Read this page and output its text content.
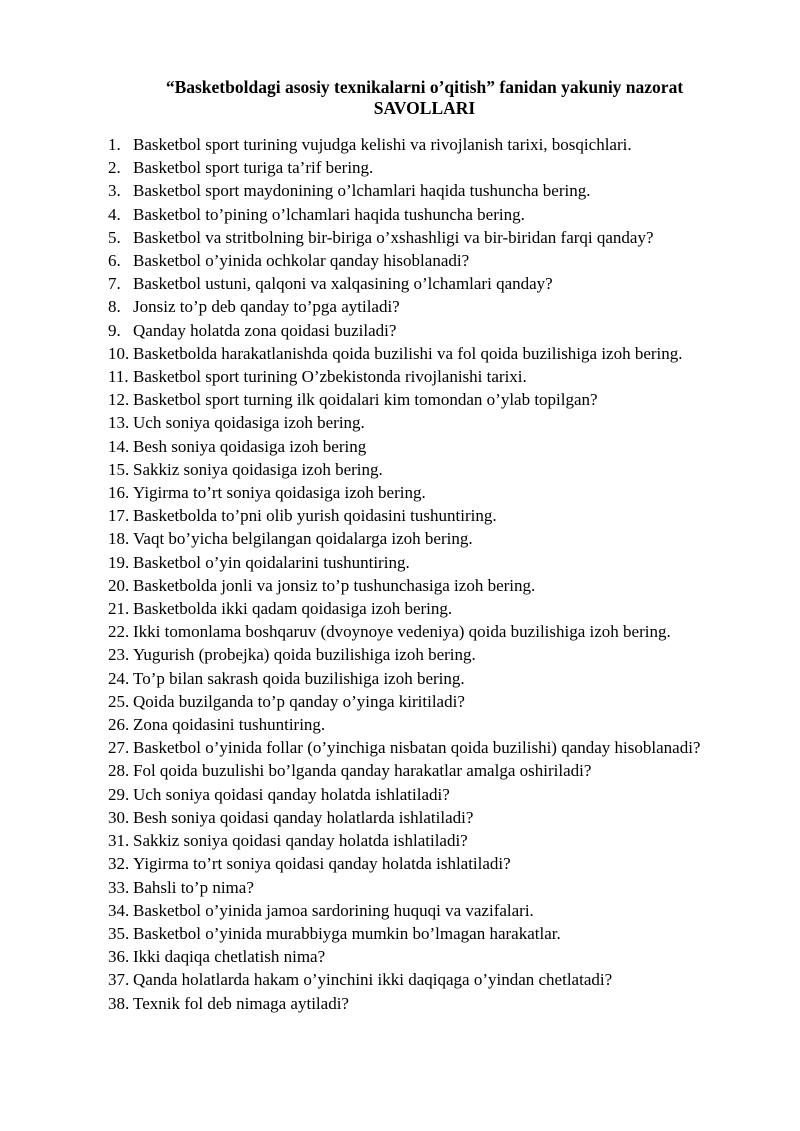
“Basketboldagi asosiy texnikalarni o’qitish” fanidan yakuniy nazorat
SAVOLLARI
1. Basketbol sport turining vujudga kelishi va rivojlanish tarixi, bosqichlari.
2. Basketbol sport turiga ta’rif bering.
3. Basketbol sport maydonining o’lchamlari haqida tushuncha bering.
4. Basketbol to’pining o’lchamlari haqida tushuncha bering.
5. Basketbol va stritbolning bir-biriga o’xshashligi va bir-biridan farqi qanday?
6. Basketbol o’yinida ochkolar qanday hisoblanadi?
7. Basketbol ustuni, qalqoni va xalqasining o’lchamlari qanday?
8. Jonsiz to’p deb qanday to’pga aytiladi?
9. Qanday holatda zona qoidasi buziladi?
10. Basketbolda harakatlanishda qoida buzilishi va fol qoida buzilishiga izoh bering.
11. Basketbol sport turining O’zbekistonda rivojlanishi tarixi.
12. Basketbol sport turning ilk qoidalari kim tomondan o’ylab topilgan?
13. Uch soniya qoidasiga izoh bering.
14. Besh soniya qoidasiga izoh bering
15. Sakkiz soniya qoidasiga izoh bering.
16. Yigirma to’rt soniya qoidasiga izoh bering.
17. Basketbolda to’pni olib yurish qoidasini tushuntiring.
18. Vaqt bo’yicha belgilangan qoidalarga izoh bering.
19. Basketbol o’yin qoidalarini tushuntiring.
20. Basketbolda jonli va jonsiz to’p tushunchasiga izoh bering.
21. Basketbolda ikki qadam qoidasiga izoh bering.
22. Ikki tomonlama boshqaruv (dvoynoye vedeniya) qoida buzilishiga izoh bering.
23. Yugurish (probejka) qoida buzilishiga izoh bering.
24. To’p bilan sakrash qoida buzilishiga izoh bering.
25. Qoida buzilganda to’p qanday o’yinga kiritiladi?
26. Zona qoidasini tushuntiring.
27. Basketbol o’yinida follar (o’yinchiga nisbatan qoida buzilishi) qanday hisoblanadi?
28. Fol qoida buzulishi bo’lganda qanday harakatlar amalga oshiriladi?
29. Uch soniya qoidasi qanday holatda ishlatiladi?
30. Besh soniya qoidasi qanday holatlarda ishlatiladi?
31. Sakkiz soniya qoidasi qanday holatda ishlatiladi?
32. Yigirma to’rt soniya qoidasi qanday holatda ishlatiladi?
33. Bahsli to’p nima?
34. Basketbol o’yinida jamoa sardorining huquqi va vazifalari.
35. Basketbol o’yinida murabbiyga mumkin bo’lmagan harakatlar.
36. Ikki daqiqa chetlatish nima?
37. Qanda holatlarda hakam o’yinchini ikki daqiqaga o’yindan chetlatadi?
38. Texnik fol deb nimaga aytiladi?
